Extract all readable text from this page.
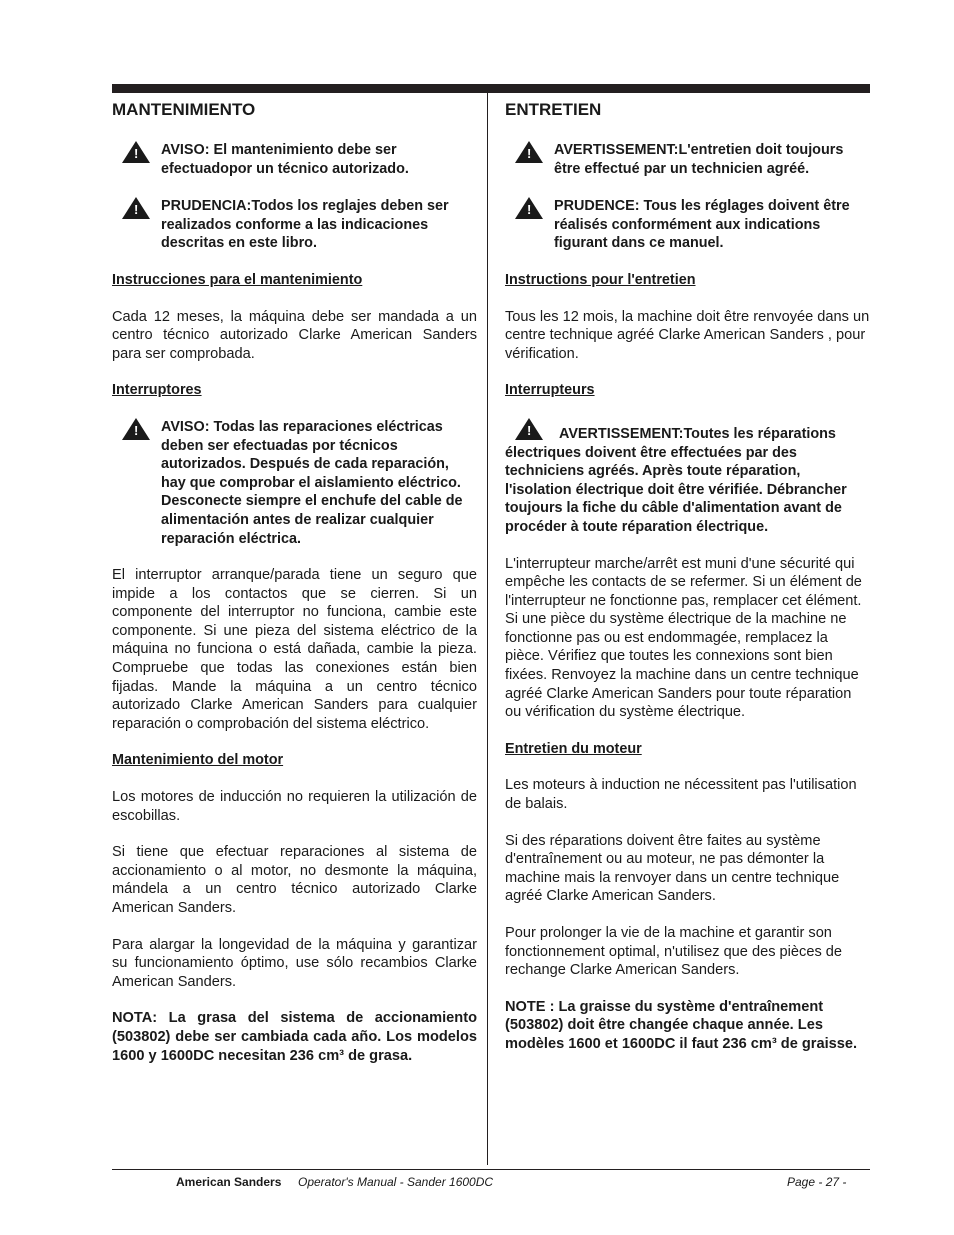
MANTENIMIENTO
!
AVISO: El mantenimiento debe ser efectuadopor un técnico autorizado.
!
PRUDENCIA:Todos los reglajes deben ser realizados conforme a las indicaciones descritas en este libro.
Instrucciones para el mantenimiento
Cada 12 meses, la máquina debe ser mandada a un centro técnico autorizado Clarke American Sanders para ser comprobada.
Interruptores
!
AVISO: Todas las reparaciones eléctricas deben ser efectuadas por técnicos autorizados. Después de cada reparación, hay que comprobar el aislamiento eléctrico. Desconecte siempre el enchufe del cable de alimentación antes de realizar cualquier reparación eléctrica.
El interruptor arranque/parada tiene un seguro que impide a los contactos que se cierren. Si un componente del interruptor no funciona, cambie este componente. Si une pieza del sistema eléctrico de la máquina no funciona o está dañada, cambie la pieza. Compruebe que todas las conexiones están bien fijadas. Mande la máquina a un centro técnico autorizado Clarke American Sanders para cualquier reparación o comprobación del sistema eléctrico.
Mantenimiento del motor
Los motores de inducción no requieren la utilización de escobillas.
Si tiene que efectuar reparaciones al sistema de accionamiento o al motor, no desmonte la máquina, mándela a un centro técnico autorizado Clarke American Sanders.
Para alargar la longevidad de la máquina y garantizar su funcionamiento óptimo, use sólo recambios Clarke American Sanders.
NOTA: La grasa del sistema de accionamiento (503802) debe ser cambiada cada año. Los modelos 1600 y 1600DC necesitan 236 cm³ de grasa.
ENTRETIEN
!
AVERTISSEMENT:L'entretien doit toujours être effectué par un technicien agréé.
!
PRUDENCE: Tous les réglages doivent être réalisés conformément aux indications figurant dans ce manuel.
Instructions pour l'entretien
Tous les 12 mois, la machine doit être renvoyée dans un centre technique agréé Clarke American Sanders , pour vérification.
Interrupteurs
!AVERTISSEMENT:Toutes les réparations électriques doivent être effectuées par des techniciens agréés. Après toute réparation, l'isolation électrique doit être vérifiée. Débrancher toujours la fiche du câble d'alimentation avant de procéder à toute réparation électrique.
L'interrupteur marche/arrêt est muni d'une sécurité qui empêche les contacts de se refermer. Si un élément de l'interrupteur ne fonctionne pas, remplacer cet élément. Si une pièce du système électrique de la machine ne fonctionne pas ou est endommagée, remplacez la pièce. Vérifiez que toutes les connexions sont bien fixées. Renvoyez la machine dans un centre technique agréé Clarke American Sanders pour toute réparation ou vérification du système électrique.
Entretien du moteur
Les moteurs à induction ne nécessitent pas l'utilisation de balais.
Si des réparations doivent être faites au système d'entraînement ou au moteur, ne pas démonter la machine mais la renvoyer dans un centre technique agréé Clarke American Sanders.
Pour prolonger la vie de la machine et garantir son fonctionnement optimal, n'utilisez que des pièces de rechange Clarke American Sanders.
NOTE : La graisse du système d'entraînement (503802) doit être changée chaque année. Les modèles 1600 et 1600DC il faut 236 cm³ de graisse.
American Sanders Operator's Manual - Sander 1600DC	Page - 27 -
